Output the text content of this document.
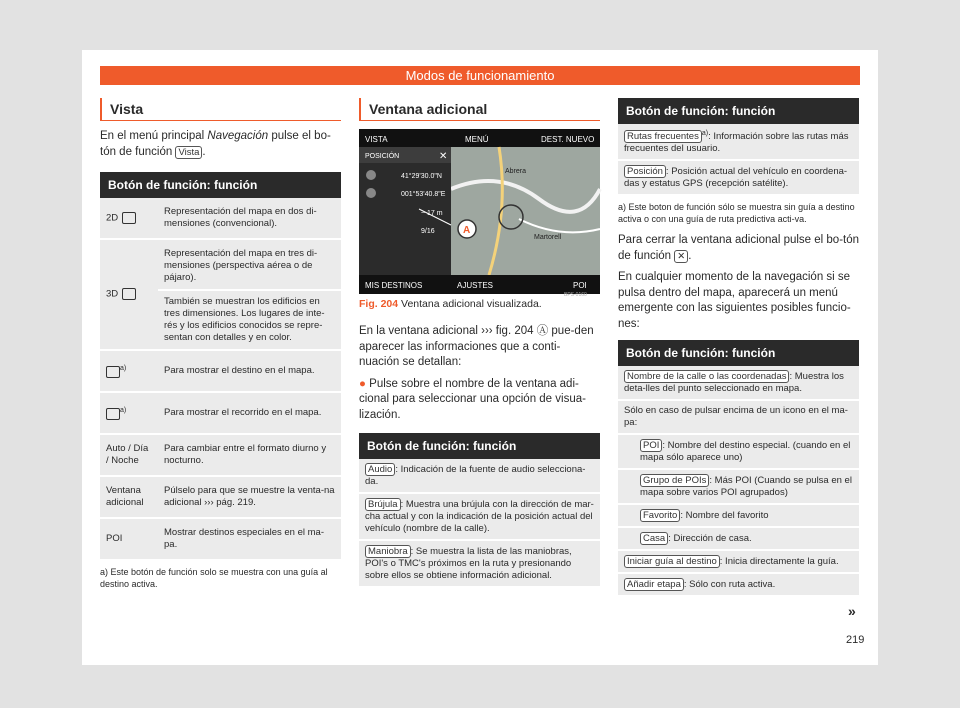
Modos de funcionamiento
Vista

En el menú principal Navegación pulse el bo-tón de función Vista .

Botón de función: función	
2D	Representación del mapa en dos di-mensiones (convencional).
3D	Representación del mapa en tres di-mensiones (perspectiva aérea o de pájaro).
	También se muestran los edificios en tres dimensiones. Los lugares de inte-rés y los edificios conocidos se repre-sentan con detalles y en color.
$^{a)}$	Para mostrar el destino en el mapa.
$^{a)}$	Para mostrar el recorrido en el mapa.
Auto / Día / Noche	Para cambiar entre el formato diurno y nocturno.
Ventana adicional	Púlselo para que se muestre la venta-na adicional ››› pág. 219.
POI	Mostrar destinos especiales en el ma-pa.
a) Este botón de función solo se muestra con una guía al destino activa.
Ventana adicional
VISTA	MENÚ	DEST. NUEVO
Abrera
Martorell
POSICIÓN	✕
41°29'30.0"N
001°53'40.8"E
~ 17 m
9/16	A
MIS DESTINOS	AJUSTES	POI
BPS-0160
Fig. 204 Ventana adicional visualizada.

En la ventana adicional ››› fig. 204 Ⓐ pue-den aparecer las informaciones que a conti-nuación se detallan:

● Pulse sobre el nombre de la ventana adi-cional para seleccionar una opción de visua-lización.

Botón de función: función
Audio : Indicación de la fuente de audio selecciona-da.
Brújula : Muestra una brújula con la dirección de mar-cha actual y con la indicación de la posición actual del vehículo (nombre de la calle).
Maniobra : Se muestra la lista de las maniobras, POI's o TMC's próximos en la ruta y presionando sobre ellos se obtiene información adicional.
Botón de función: función
Rutas frecuentes $^{a)}$: Información sobre las rutas más frecuentes del usuario.
Posición : Posición actual del vehículo en coordena-das y estatus GPS (recepción satélite).
a) Este boton de función sólo se muestra sin guía a destino activa o con una guía de ruta predictiva acti-va.

Para cerrar la ventana adicional pulse el bo-tón de función ✕ .

En cualquier momento de la navegación si se pulsa dentro del mapa, aparecerá un menú emergente con las siguientes posibles funcio-nes:

Botón de función: función
Nombre de la calle o las coordenadas : Muestra los deta-lles del punto seleccionado en mapa.
Sólo en caso de pulsar encima de un icono en el ma-pa:
POI : Nombre del destino especial. (cuando en el mapa sólo aparece uno)
Grupo de POIs : Más POI (Cuando se pulsa en el mapa sobre varios POI agrupados)
Favorito : Nombre del favorito
Casa : Dirección de casa.
Iniciar guía al destino : Inicia directamente la guía.
Añadir etapa : Sólo con ruta activa.
»
219
